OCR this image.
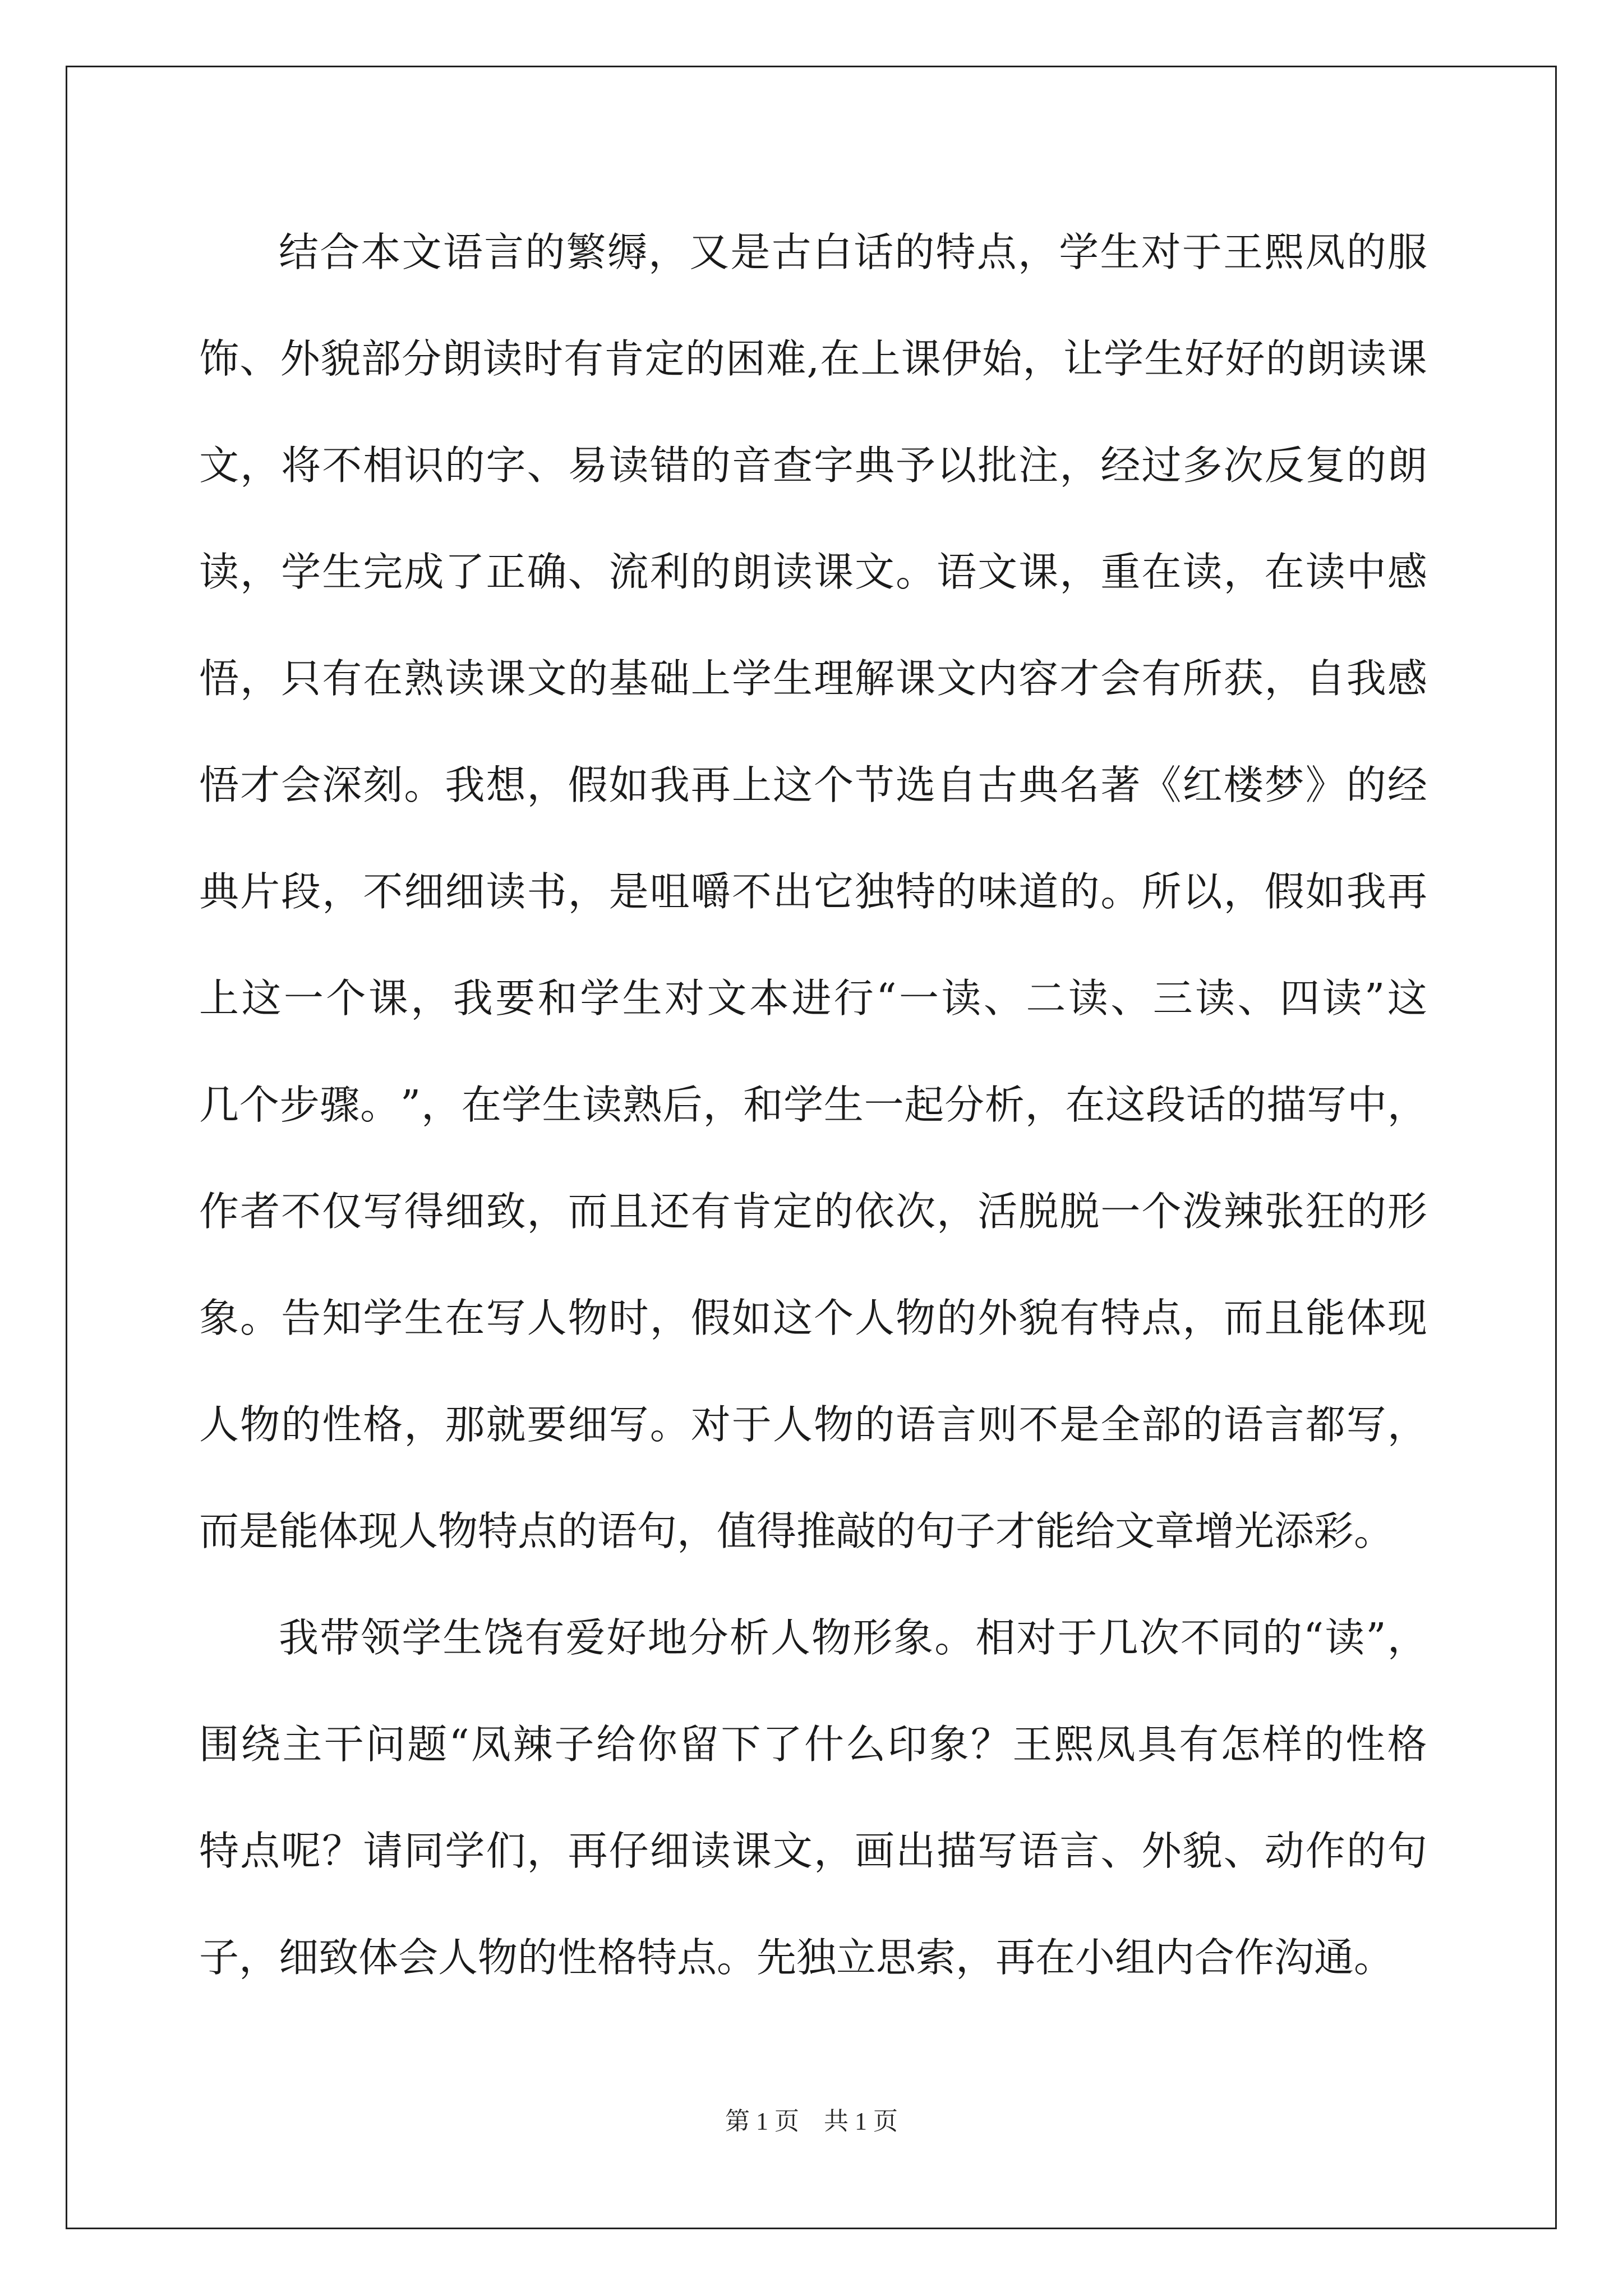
结 合 本 文 语 言 的 繁 缛 ， 又 是 古 白 话 的 特 点 ， 学 生 对 于 王 熙 凤 的 服
饰 、 外 貌 部 分 朗 读 时 有 肯 定 的 困 难 , 在 上 课 伊 始 ， 让 学 生 好 好 的 朗 读 课
文 ， 将 不 相 识 的 字 、 易 读 错 的 音 查 字 典 予 以 批 注 ， 经 过 多 次 反 复 的 朗
读 ， 学 生 完 成 了 正 确 、 流 利 的 朗 读 课 文 。 语 文 课 ， 重 在 读 ， 在 读 中 感
悟 ， 只 有 在 熟 读 课 文 的 基 础 上 学 生 理 解 课 文 内 容 才 会 有 所 获 ， 自 我 感
悟 才 会 深 刻 。 我 想 ， 假 如 我 再 上 这 个 节 选 自 古 典 名 著 《 红 楼 梦 》 的 经
典 片 段 ， 不 细 细 读 书 ， 是 咀 嚼 不 出 它 独 特 的 味 道 的 。 所 以 ， 假 如 我 再
上 这 一 个 课 ， 我 要 和 学 生 对 文 本 进 行 “ 一 读 、 二 读 、 三 读 、 四 读 ” 这
几 个 步 骤 。 ” ， 在 学 生 读 熟 后 ， 和 学 生 一 起 分 析 ， 在 这 段 话 的 描 写 中 ，
作 者 不 仅 写 得 细 致 ， 而 且 还 有 肯 定 的 依 次 ， 活 脱 脱 一 个 泼 辣 张 狂 的 形
象 。 告 知 学 生 在 写 人 物 时 ， 假 如 这 个 人 物 的 外 貌 有 特 点 ， 而 且 能 体 现
人 物 的 性 格 ， 那 就 要 细 写 。 对 于 人 物 的 语 言 则 不 是 全 部 的 语 言 都 写 ，
而是能体现人物特点的语句，值得推敲的句子才能给文章增光添彩。
我 带 领 学 生 饶 有 爱 好 地 分 析 人 物 形 象 。 相 对 于 几 次 不 同 的 “ 读 ” ，
围 绕 主 干 问 题 “ 凤 辣 子 给 你 留 下 了 什 么 印 象 ？ 王 熙 凤 具 有 怎 样 的 性 格
特 点 呢 ？ 请 同 学 们 ， 再 仔 细 读 课 文 ， 画 出 描 写 语 言 、 外 貌 、 动 作 的 句
子，细致体会人物的性格特点。先独立思索，再在小组内合作沟通。
第 1 页　共 1 页
